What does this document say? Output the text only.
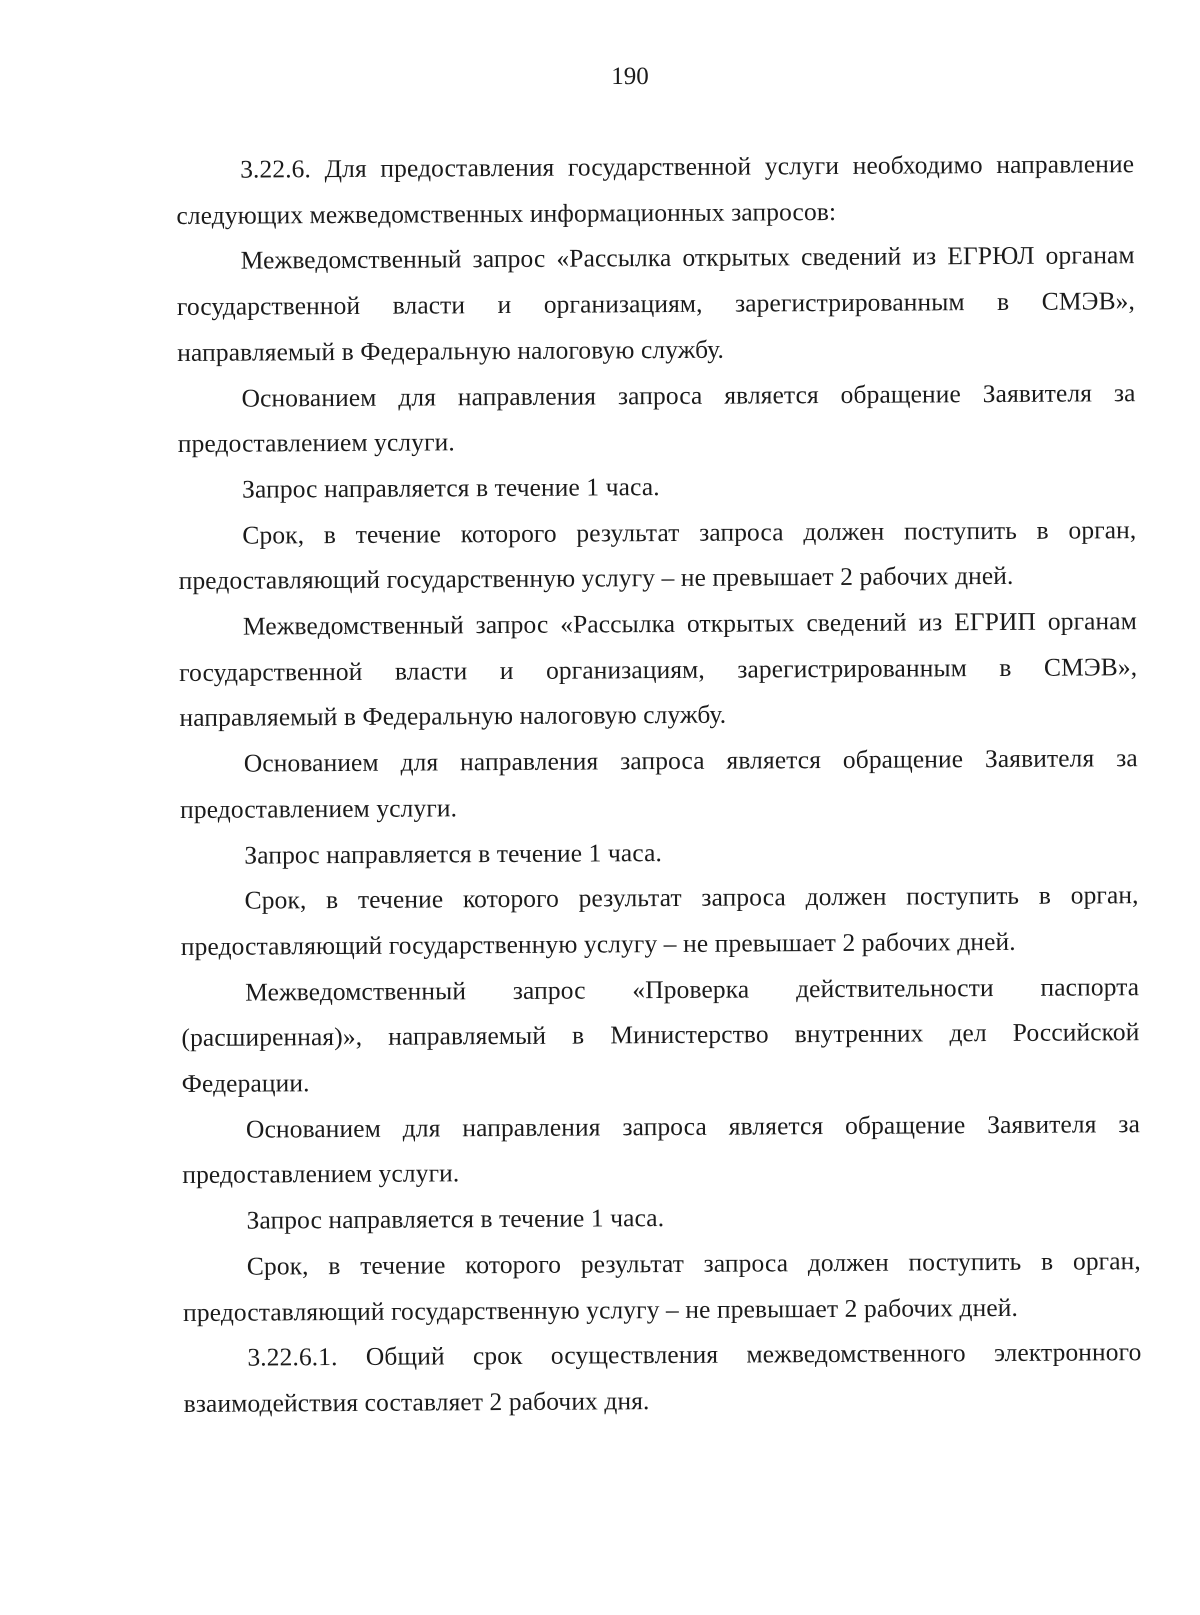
190

3.22.6. Для предоставления государственной услуги необходимо направление следующих межведомственных информационных запросов:

Межведомственный запрос «Рассылка открытых сведений из ЕГРЮЛ органам государственной власти и организациям, зарегистрированным в СМЭВ», направляемый в Федеральную налоговую службу.

Основанием для направления запроса является обращение Заявителя за предоставлением услуги.

Запрос направляется в течение 1 часа.

Срок, в течение которого результат запроса должен поступить в орган, предоставляющий государственную услугу – не превышает 2 рабочих дней.

Межведомственный запрос «Рассылка открытых сведений из ЕГРИП органам государственной власти и организациям, зарегистрированным в СМЭВ», направляемый в Федеральную налоговую службу.

Основанием для направления запроса является обращение Заявителя за предоставлением услуги.

Запрос направляется в течение 1 часа.

Срок, в течение которого результат запроса должен поступить в орган, предоставляющий государственную услугу – не превышает 2 рабочих дней.

Межведомственный запрос «Проверка действительности паспорта (расширенная)», направляемый в Министерство внутренних дел Российской Федерации.

Основанием для направления запроса является обращение Заявителя за предоставлением услуги.

Запрос направляется в течение 1 часа.

Срок, в течение которого результат запроса должен поступить в орган, предоставляющий государственную услугу – не превышает 2 рабочих дней.

3.22.6.1. Общий срок осуществления межведомственного электронного взаимодействия составляет 2 рабочих дня.
